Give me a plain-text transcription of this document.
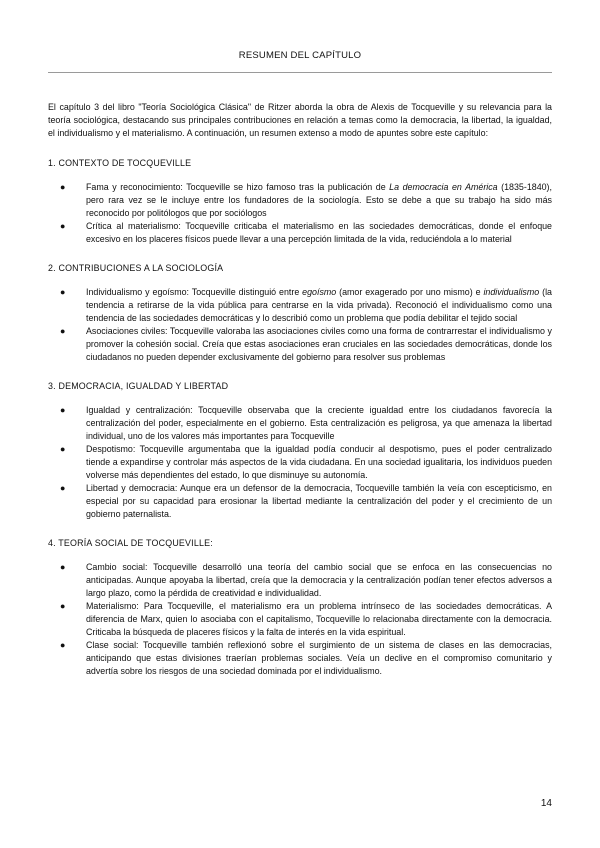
RESUMEN DEL CAPÍTULO

El capítulo 3 del libro "Teoría Sociológica Clásica" de Ritzer aborda la obra de Alexis de Tocqueville y su relevancia para la teoría sociológica, destacando sus principales contribuciones en relación a temas como la democracia, la libertad, la igualdad, el individualismo y el materialismo. A continuación, un resumen extenso a modo de apuntes sobre este capítulo:

1. CONTEXTO DE TOCQUEVILLE
● Fama y reconocimiento: Tocqueville se hizo famoso tras la publicación de La democracia en América (1835-1840), pero rara vez se le incluye entre los fundadores de la sociología. Esto se debe a que su trabajo ha sido más reconocido por politólogos que por sociólogos
● Crítica al materialismo: Tocqueville criticaba el materialismo en las sociedades democráticas, donde el enfoque excesivo en los placeres físicos puede llevar a una percepción limitada de la vida, reduciéndola a lo material
2. CONTRIBUCIONES A LA SOCIOLOGÍA
● Individualismo y egoísmo: Tocqueville distinguió entre egoísmo (amor exagerado por uno mismo) e individualismo (la tendencia a retirarse de la vida pública para centrarse en la vida privada). Reconoció el individualismo como una tendencia de las sociedades democráticas y lo describió como un problema que podía debilitar el tejido social
● Asociaciones civiles: Tocqueville valoraba las asociaciones civiles como una forma de contrarrestar el individualismo y promover la cohesión social. Creía que estas asociaciones eran cruciales en las sociedades democráticas, donde los ciudadanos no pueden depender exclusivamente del gobierno para resolver sus problemas
3. DEMOCRACIA, IGUALDAD Y LIBERTAD
● Igualdad y centralización: Tocqueville observaba que la creciente igualdad entre los ciudadanos favorecía la centralización del poder, especialmente en el gobierno. Esta centralización es peligrosa, ya que amenaza la libertad individual, uno de los valores más importantes para Tocqueville
● Despotismo: Tocqueville argumentaba que la igualdad podía conducir al despotismo, pues el poder centralizado tiende a expandirse y controlar más aspectos de la vida ciudadana. En una sociedad igualitaria, los individuos pueden volverse más dependientes del estado, lo que disminuye su autonomía.
● Libertad y democracia: Aunque era un defensor de la democracia, Tocqueville también la veía con escepticismo, en especial por su capacidad para erosionar la libertad mediante la centralización del poder y el crecimiento de un gobierno paternalista.
4. TEORÍA SOCIAL DE TOCQUEVILLE:
● Cambio social: Tocqueville desarrolló una teoría del cambio social que se enfoca en las consecuencias no anticipadas. Aunque apoyaba la libertad, creía que la democracia y la centralización podían tener efectos adversos a largo plazo, como la pérdida de creatividad e individualidad.
● Materialismo: Para Tocqueville, el materialismo era un problema intrínseco de las sociedades democráticas. A diferencia de Marx, quien lo asociaba con el capitalismo, Tocqueville lo relacionaba directamente con la democracia. Criticaba la búsqueda de placeres físicos y la falta de interés en la vida espiritual.
● Clase social: Tocqueville también reflexionó sobre el surgimiento de un sistema de clases en las democracias, anticipando que estas divisiones traerían problemas sociales. Veía un declive en el compromiso comunitario y advertía sobre los riesgos de una sociedad dominada por el individualismo.
14
